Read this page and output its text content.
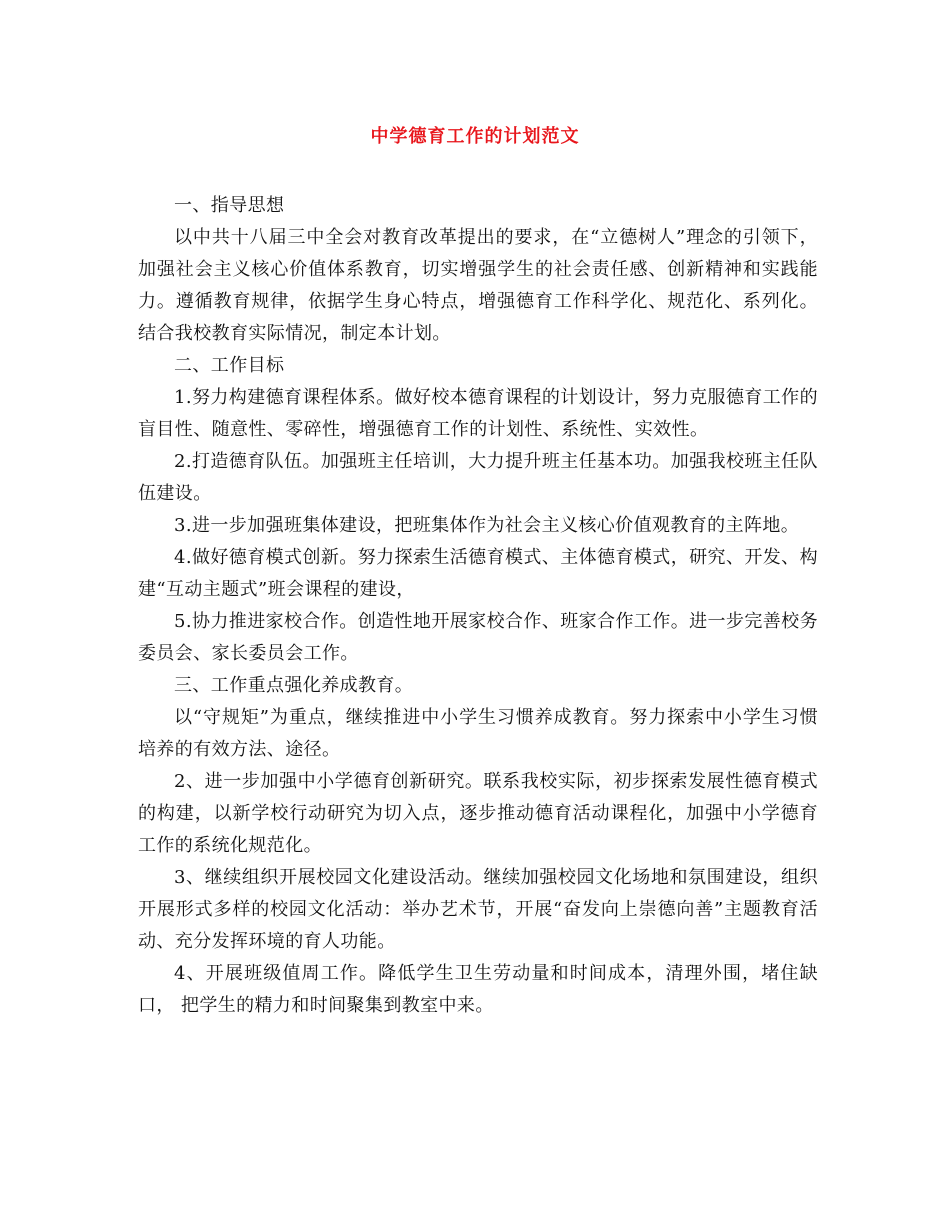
中学德育工作的计划范文

一、指导思想

以中共十八届三中全会对教育改革提出的要求，在“立德树人”理念的引领下，加强社会主义核心价值体系教育，切实增强学生的社会责任感、创新精神和实践能力。遵循教育规律，依据学生身心特点，增强德育工作科学化、规范化、系列化。结合我校教育实际情况，制定本计划。

二、工作目标

1.努力构建德育课程体系。做好校本德育课程的计划设计，努力克服德育工作的盲目性、随意性、零碎性，增强德育工作的计划性、系统性、实效性。

2.打造德育队伍。加强班主任培训，大力提升班主任基本功。加强我校班主任队伍建设。

3.进一步加强班集体建设，把班集体作为社会主义核心价值观教育的主阵地。

4.做好德育模式创新。努力探索生活德育模式、主体德育模式，研究、开发、构建“互动主题式”班会课程的建设，

5.协力推进家校合作。创造性地开展家校合作、班家合作工作。进一步完善校务委员会、家长委员会工作。

三、工作重点强化养成教育。

以“守规矩”为重点，继续推进中小学生习惯养成教育。努力探索中小学生习惯培养的有效方法、途径。

2、进一步加强中小学德育创新研究。联系我校实际，初步探索发展性德育模式的构建，以新学校行动研究为切入点，逐步推动德育活动课程化，加强中小学德育工作的系统化规范化。

3、继续组织开展校园文化建设活动。继续加强校园文化场地和氛围建设，组织开展形式多样的校园文化活动：举办艺术节，开展“奋发向上崇德向善”主题教育活动、充分发挥环境的育人功能。

4、开展班级值周工作。降低学生卫生劳动量和时间成本，清理外围，堵住缺口， 把学生的精力和时间聚集到教室中来。
